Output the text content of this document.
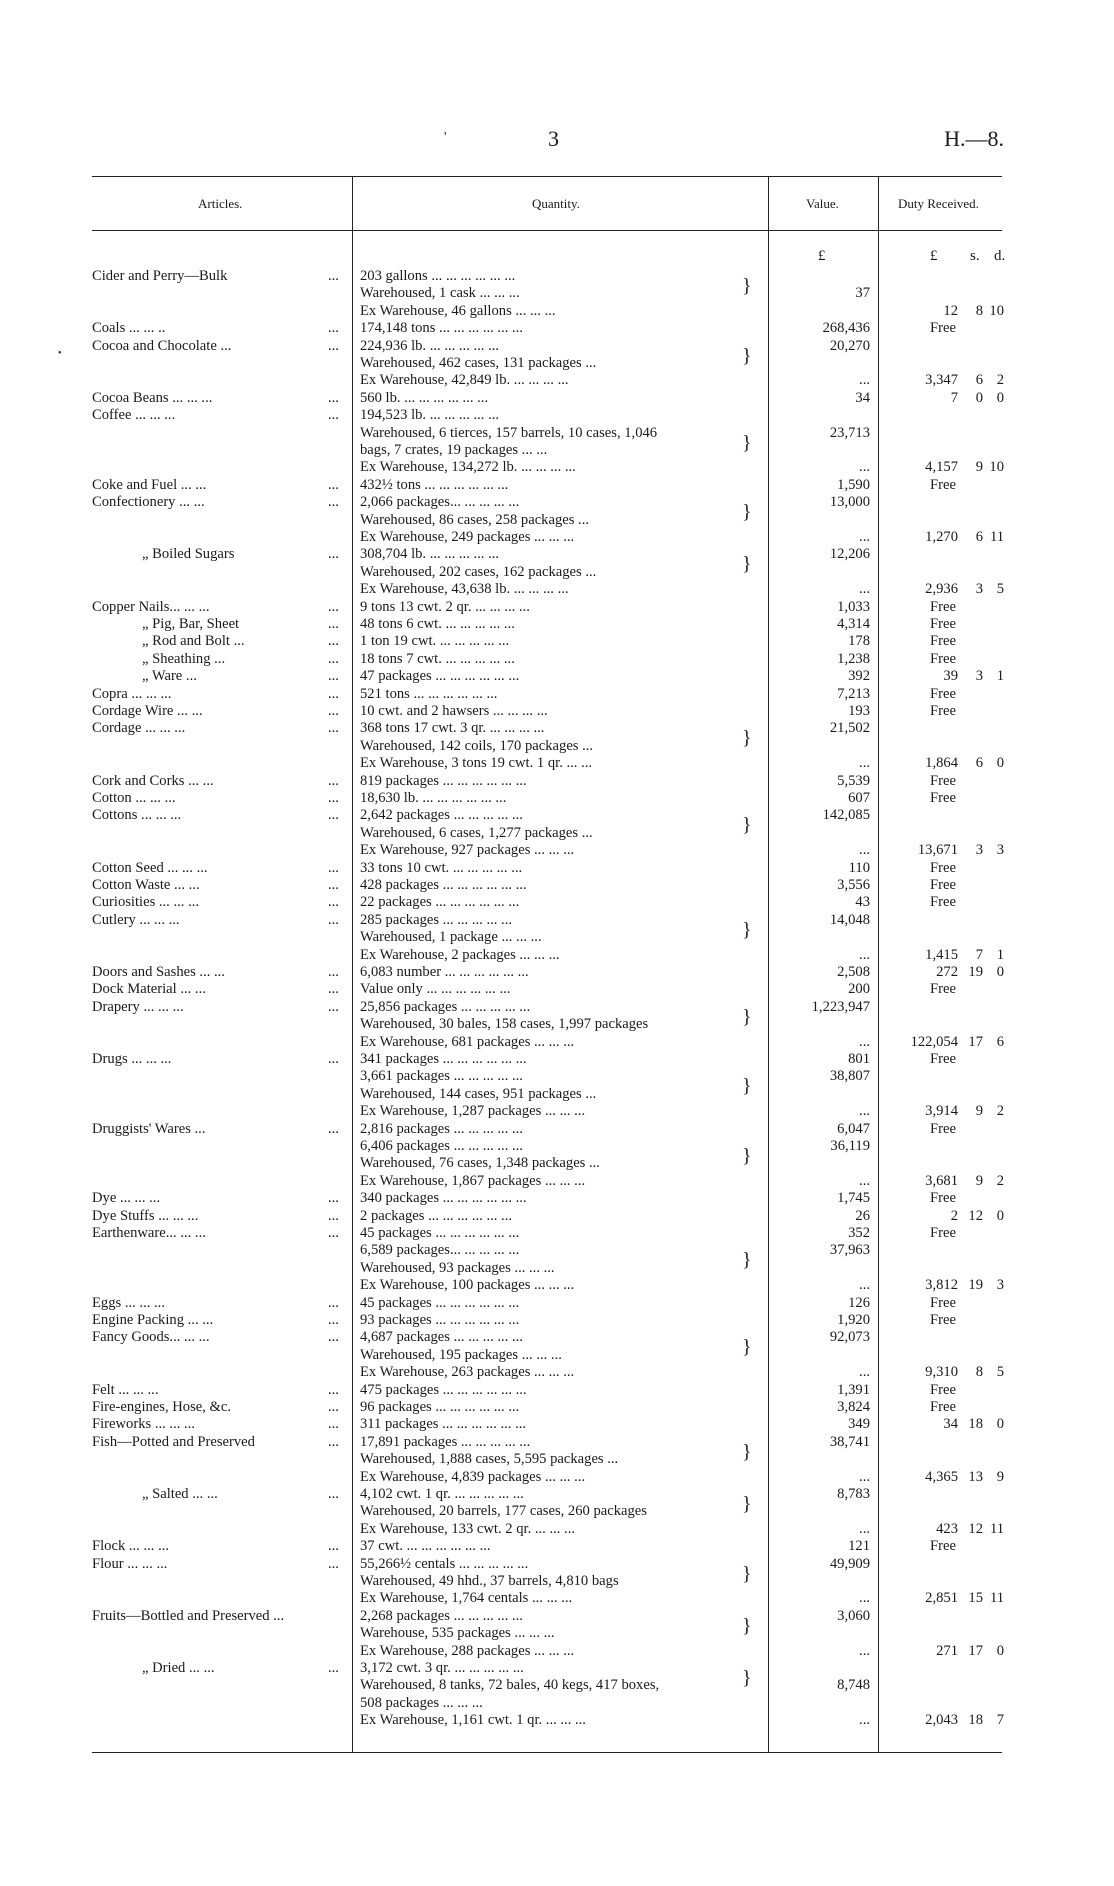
'	3	H.—8.
•
Articles.	Quantity.	Value.	Duty Received.
£	£ s. d.
Cider and Perry—Bulk	... 203 gallons ... ... ... ... ... ...
Warehoused, 1 cask ... ... ...	37
Ex Warehouse, 46 gallons ... ... ...	12 8 10
Coals ... ... ..	... 174,148 tons ... ... ... ... ... ...	268,436	Free
Cocoa and Chocolate ...	... 224,936 lb. ... ... ... ... ...	20,270
Warehoused, 462 cases, 131 packages ...
Ex Warehouse, 42,849 lb. ... ... ... ...	...	3,347 6 2
Cocoa Beans ... ... ...	... 560 lb. ... ... ... ... ... ...	34	7 0 0
Coffee ... ... ...	... 194,523 lb. ... ... ... ... ...
Warehoused, 6 tierces, 157 barrels, 10 cases, 1,046	23,713
bags, 7 crates, 19 packages ... ...
Ex Warehouse, 134,272 lb. ... ... ... ...	...	4,157 9 10
Coke and Fuel ... ...	... 432½ tons ... ... ... ... ... ...	1,590	Free
Confectionery ... ...	... 2,066 packages... ... ... ... ...	13,000
Warehoused, 86 cases, 258 packages ...
Ex Warehouse, 249 packages ... ... ...	...	1,270 6 11
„ Boiled Sugars	... 308,704 lb. ... ... ... ... ...	12,206
Warehoused, 202 cases, 162 packages ...
Ex Warehouse, 43,638 lb. ... ... ... ...	...	2,936 3 5
Copper Nails... ... ...	... 9 tons 13 cwt. 2 qr. ... ... ... ...	1,033	Free
„ Pig, Bar, Sheet	... 48 tons 6 cwt. ... ... ... ... ...	4,314	Free
„ Rod and Bolt ...	... 1 ton 19 cwt. ... ... ... ... ...	178	Free
„ Sheathing ...	... 18 tons 7 cwt. ... ... ... ... ...	1,238	Free
„ Ware ...	... 47 packages ... ... ... ... ... ...	392	39 3 1
Copra ... ... ...	... 521 tons ... ... ... ... ... ...	7,213	Free
Cordage Wire ... ...	... 10 cwt. and 2 hawsers ... ... ... ...	193	Free
Cordage ... ... ...	... 368 tons 17 cwt. 3 qr. ... ... ... ...	21,502
Warehoused, 142 coils, 170 packages ...
Ex Warehouse, 3 tons 19 cwt. 1 qr. ... ...	...	1,864 6 0
Cork and Corks ... ...	... 819 packages ... ... ... ... ... ...	5,539	Free
Cotton ... ... ...	... 18,630 lb. ... ... ... ... ... ...	607	Free
Cottons ... ... ...	... 2,642 packages ... ... ... ... ...	142,085
Warehoused, 6 cases, 1,277 packages ...
Ex Warehouse, 927 packages ... ... ...	...	13,671 3 3
Cotton Seed ... ... ...	... 33 tons 10 cwt. ... ... ... ... ...	110	Free
Cotton Waste ... ...	... 428 packages ... ... ... ... ... ...	3,556	Free
Curiosities ... ... ...	... 22 packages ... ... ... ... ... ...	43	Free
Cutlery ... ... ...	... 285 packages ... ... ... ... ...	14,048
Warehoused, 1 package ... ... ...
Ex Warehouse, 2 packages ... ... ...	...	1,415 7 1
Doors and Sashes ... ...	... 6,083 number ... ... ... ... ... ...	2,508	272 19 0
Dock Material ... ...	... Value only ... ... ... ... ... ...	200	Free
Drapery ... ... ...	... 25,856 packages ... ... ... ... ...	1,223,947
Warehoused, 30 bales, 158 cases, 1,997 packages
Ex Warehouse, 681 packages ... ... ...	...	122,054 17 6
Drugs ... ... ...	... 341 packages ... ... ... ... ... ...	801	Free
3,661 packages ... ... ... ... ...	38,807
Warehoused, 144 cases, 951 packages ...
Ex Warehouse, 1,287 packages ... ... ...	...	3,914 9 2
Druggists' Wares ...	... 2,816 packages ... ... ... ... ...	6,047	Free
6,406 packages ... ... ... ... ...	36,119
Warehoused, 76 cases, 1,348 packages ...
Ex Warehouse, 1,867 packages ... ... ...	...	3,681 9 2
Dye ... ... ...	... 340 packages ... ... ... ... ... ...	1,745	Free
Dye Stuffs ... ... ...	... 2 packages ... ... ... ... ... ...	26	2 12 0
Earthenware... ... ...	... 45 packages ... ... ... ... ... ...	352	Free
6,589 packages... ... ... ... ...	37,963
Warehoused, 93 packages ... ... ...
Ex Warehouse, 100 packages ... ... ...	...	3,812 19 3
Eggs ... ... ...	... 45 packages ... ... ... ... ... ...	126	Free
Engine Packing ... ...	... 93 packages ... ... ... ... ... ...	1,920	Free
Fancy Goods... ... ...	... 4,687 packages ... ... ... ... ...	92,073
Warehoused, 195 packages ... ... ...
Ex Warehouse, 263 packages ... ... ...	...	9,310 8 5
Felt ... ... ...	... 475 packages ... ... ... ... ... ...	1,391	Free
Fire-engines, Hose, &c.	... 96 packages ... ... ... ... ... ...	3,824	Free
Fireworks ... ... ...	... 311 packages ... ... ... ... ... ...	349	34 18 0
Fish—Potted and Preserved	... 17,891 packages ... ... ... ... ...	38,741
Warehoused, 1,888 cases, 5,595 packages ...
Ex Warehouse, 4,839 packages ... ... ...	...	4,365 13 9
„ Salted ... ...	... 4,102 cwt. 1 qr. ... ... ... ... ...	8,783
Warehoused, 20 barrels, 177 cases, 260 packages
Ex Warehouse, 133 cwt. 2 qr. ... ... ...	...	423 12 11
Flock ... ... ...	... 37 cwt. ... ... ... ... ... ...	121	Free
Flour ... ... ...	... 55,266½ centals ... ... ... ... ...	49,909
Warehoused, 49 hhd., 37 barrels, 4,810 bags
Ex Warehouse, 1,764 centals ... ... ...	...	2,851 15 11
Fruits—Bottled and Preserved ...	2,268 packages ... ... ... ... ...	3,060
Warehouse, 535 packages ... ... ...
Ex Warehouse, 288 packages ... ... ...	...	271 17 0
„ Dried ... ...	... 3,172 cwt. 3 qr. ... ... ... ... ...
Warehoused, 8 tanks, 72 bales, 40 kegs, 417 boxes,	8,748
508 packages ... ... ...
Ex Warehouse, 1,161 cwt. 1 qr. ... ... ...	...	2,043 18 7
}
}
}
}
}
}
}
}
}
}
}
}
}
}
}
}
}
}
